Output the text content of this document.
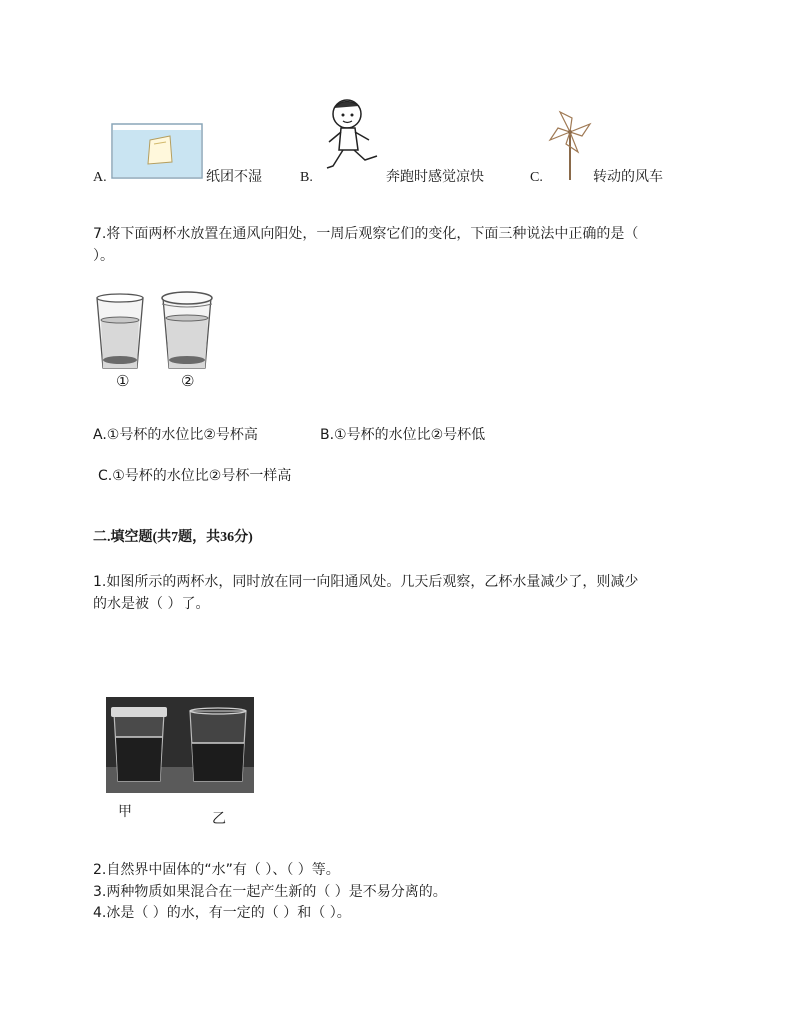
A.	纸团不湿	B.	奔跑时感觉凉快	C.	转动的风车
7.将下面两杯水放置在通风向阳处，一周后观察它们的变化，下面三种说法中正确的是（
）。
①	②
A.①号杯的水位比②号杯高	B.①号杯的水位比②号杯低
C.①号杯的水位比②号杯一样高
二.填空题(共7题，共36分)
1.如图所示的两杯水，同时放在同一向阳通风处。几天后观察，乙杯水量减少了，则减少
的水是被（ ）了。
甲	乙
2.自然界中固体的“水”有（ ）、（ ）等。
3.两种物质如果混合在一起产生新的（ ）是不易分离的。
4.冰是（ ）的水，有一定的（ ）和（ ）。
